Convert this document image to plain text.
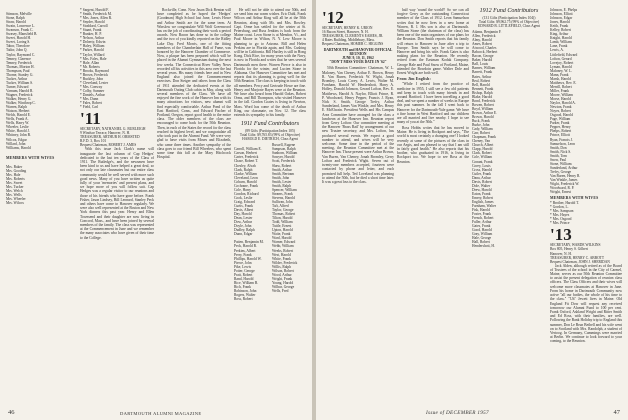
Stimson, Melville
Stone, Ralph
Straw, Harold
Swain, Lawrence L.
Swanson, Frank C.
Swasey, Mansfield B.
Sweet, Harold H.
Sweet, Loring S.
Tabor, Theodore
Tailor, John Q.
Taylor, Raymond C.
Tenney, Clarence
Tenney, Frederick
Thomas, Morton H.
Thompson, Paul
Thorne, Stanley G.
Tucker, Arthur
Tucker, William S.
Turner, Edward
Varnum, Harold R.
Wagner, Frederick
Walker, Henry G.
Walker, Winthrop C.
Warren, Ralph
Watson, Herbert
Welch, Harold E.
Wells, Frank A.
Wells, Harry W.
Wheeler, Leslie
White, Harold J.
Whitney, John B.
Wilcox, Edgar
Willard, John
Williams, Harold

MEMBERS WITH WIVES

Mrs. Baker
Mrs. Gooding
Mrs. Hale
Mrs. Roberts
Mrs. Sweet
Mrs. Tucker
Mrs. Welch
Mrs. Wells
Mrs. Wheeler
Mrs. Wilcox

* Sargent, Harold F.
* Smith, Frederick M.
* Mrs. Jones, Allen R.
* Snyder, Harold
* Stoddard, Carroll
* Stuart, Frank
* Bunker, H. P.
* Nelson, Arthur
* Doherty, Edwin
* Haley, William
* Parker, Harold
* Taylor, Willard
* Mrs. Fales, Hale
* Hale, Allan
* Mr. Roberts
* Brooks, Raymond
* Brown, Frederick
* Buckley, John
* Cleveland, Lester
* Mrs. Conway
* Colby, Sumner
* Daniels, Arthur
* Mrs. Dunn
* Fales, Robert
* Field, Carl
'11
SECRETARY, NATHANIEL G. BURLEIGH
9 Windsor Terrace, Hanover, N. H.
TREASURER, ARTHUR H. ORMSTED
R.F.D. 3, Box 101
Bequest Chairman, ROBERT J. AMES

With this issue Jack Clark's name will inaugurate the last column of Cap Hedges' dedicated to the last ten years of the Class of 1911. The Rutledge's, and the newsmen have been kind to us and have helped a great deal, so not only our late classmates but our entire class community would be well served with more such good news. Many of you have written us quite fully of your 'memories' and present plans, and we hope more of you will follow suit. Cap Hedges was a regular visitor to our reunions and those of his friends who have gone before. Frank Fisher, Jason Lindsey, Bill Leonard, Stanley Peck and others have come to Hanover regularly. We were also well represented at the Boston and New York dinners this past year. Henry and Ellen Townsend and their daughter are now living in Concord, Mass., and have been joined by several members of the family. The class was represented at the Commencement in June and we remember the many associates who have given of their time to the College.

Rockville, Conn. Now Jason Dick Benton will have completed as he hoped the 'Hedges' (Goodman) High School last June, Lewis Howe and Arthur Smith are for the same term. At Winslow we congratulate Will Wolf Greenwood has on the job of coordinating their work a period awards. Now Bacon has done so in the college and the two of you kindly reported on the Ridley Lake Day. Fred Morris, one of the fitting members of the Chamberlain Hall of Fame, was honored by the Hanover Chamber of Commerce. Now, a plaque has been prepared which will be placed in the Alumni Gymnasium during the next few weeks. The Connecticut River Valley News recorded all his activities in this area over the last several years. His many friends here and in New England also joined the Commencement exercises. Don Steiger and others from the Class of 1911 attended the dedicated events at the Dartmouth Outing Club cabin in May, along with several members of the Class. We have all enjoyed the fine work of the Hanover Inn with its many attractions for visitors, new alumni will find especially comfortable. Arthur Pond of the East Hartford, Conn., and Edward Fischer of Portland, Oregon, report good health to the entire class. The older members of the class are encouraged to come back for the 50th Reunion. Then, in each of the States the record for the class reached its highest level, and we congratulate all who took part in the Alumni Fund. We were very glad to have visits from Moses and Elizabeth, who came three times. Another sympathy of the class goes to our friend Bill Wheelers, who spent some time this fall at the Mary Hitchcock Hospital.

He will not be able to attend our 50th, and we send him our warm wishes. Eric Dahl, Frank Wilcox and Arthur King will all be at the 50th Reunion, along with Mr. and Mrs. Rowley. Capt. Orme has settled for the winter at St. Petersburg, and Russ Jenkins is back from the Maine coast. Leon Stone is at Mendon, Vt., and Paul Moore in Wilton, N. Y. Lew Moore is planning to go to Arizona. Bill and Helen Perkins are in Florida again, and Mrs. Cushing will be in California. Bill Hartley is still in Hong Kong. Dick Rice, for many years with the Navy, is now in Florida and writes that he sees several Dartmouth men there. Warren Pierce is also in Florida for the winter, and Lucien Stone in Alabama. Our Hanover Committee has met and reports that its planning is going well for the 50th Reunion. The class is keeping in touch with all members. Percy and Gertrude Howe are fine. Henry and Marjorie Bayes were at the Reunion. We have also heard from Harold Oakes, Robert Orms, and Bill Thompson, who visited Hanover in the fall. Gordon Coates is living in Newton, Mass. Word has come of the death of Arthur King, our classmate, on Nov. 12. The class extends its sympathy to his family.

1911 Fund Contributors
(89 Gifts (Participation Index 105)
Total Gifts: $9,765.83 (99% of Objective)
HAROLD E. DIETRICH, Class Agent

Carroll, William E.
Carson, Herbert
Carter, Frederick
Chase, Robert T.
Chesley, Alvah
Clark, Ralph
Clarke, William
Cleveland, Leon
Coburn, Harold
Cochrane, Frank
Cole, Harry
Condon, Richard
Cook, Leslie
Craig, Edward
Curtis, Frank
Davis, Albert
Day, Harold
Dean, Lester
Dow, Arthur
Doyle, John
Dudley, Ralph
Dunn, Edgar

Patten, Benjamin M.
Peck, Harold B.
Perkins, Albert
Perry, Frank
Phillips, Harold W.
Pierce, John
Pike, Lewis
Potter, George
Pratt, Robert
Rand, Harold
Rice, William B.
Rich, Frank
Robinson, John
Rogers, Walter
Ross, Robert
Russell, Eugene
Sampson, Ralph
Sanborn, William
Sawyer, Harold
Scott, Frederick
Shaw, Robert
Smith, Arthur
Smith, Bertram
Smith, John
Smith, Lester
Smith, Ralph
Spencer, William
Stearns, Frank
Stevens, Harold
Sullivan, John
Taft, Alfred
Taylor, George
Thomas, Robert
Tilton, Harold
Todd, William
Tuttle, Ernest
Upton, Harold
Waite, Frank
Ward, Harold
Warner, Edward
Webb, William
Weeks, Robert
West, Harold
White, Frank
Wilder, Frederick
Willis, Ralph
Wilson, Robert
Wood, Arthur
Wright, Frank
Young, Harold
Wilbur, George
Wells, Fred

46	DARTMOUTH ALUMNI MAGAZINE
'12
SECRETARY, HENRY K. URION
16 Bacon Street, Hanover, N. H.
TREASURER, CLEMENTS EAMES, JR.
4 Bates Building, Middlebury, Mass.
Bequest Chairman, HOMER C. HIGGINS
DARTMOUTH and HANOVER OFFICIAL REUNION
JUNE 9, 10, 11, 1962
"DON'T MISS YOUR DATE IN '62"

50th Reunion Committee: Chairman, W. L. Maloney, Van Cheney, Arthur E. Brown, Henry R. Van Buren, Frederick W. Wight, Jonah Bromley, Louis Corey, A. Lewis, Walter M. Farnham, Harold W. Hendershott, Harry A. Holley, Donald Johnson, Gerard Lofton, Rev. E. Matthews, Harold A. Naylor, Elliott Prince, R. P. Woodward, Henry Pepper, Francis J. Ryan, Nick S. Smith, George Trefry, Arthur Sunderland, James Van Winkle, and Mrs. Henry E. McElwain. President Wells and His Campus Area Committee have arranged for the class a luncheon at the Hanover Inn. Reunion report from Gerry Lofton: Our committee meeting at the Hanover 'Brass Rail' by arrangement of our new Trustee secretary, and Mrs. Lofton, has produced several events. We expect a good number to attend, and wives will be very welcome. Some time in the period of the meeting, the Reunion Committee met at the Hanover Inn. Those present were Arthur Brown, Van Buren, Van Cheney, Jonah Bromley, Gerry Lofton and Frederick Wight. Seven out of twenty-one members accepted, fourteen were contacted by phone and letter, and each promised full help. Ted Loveland was planning to attend the 50th, but he died a short time later. It was a great loss to the class.

half way 'round the world!! So we can all forgive Gerry as the outstanding Connecticut member of the Class of 1912. Leon Samuelson writes that he now lives in a new home at Warren, R. I. His son is also at Dartmouth. William Stone (the chairman of the class) has been one of the main organizers of our plans for the Reunion. Don Smith reports that his family will return to Hanover in June after a trip to Europe. Tom Smith says he will come to Hanover and bring his wife. Frank Gates is also making plans for the Reunion. He recently retired from the Eastman Kodak Company. George Hale and Paul Snow of Portland, Maine, attended the Bowdoin game. Walter Dole and Ernest Wright are both well.

From Jim English:

"While I retired from the practice of medicine in 1955, I still see a few old patients and keep in touch with many friends in and around Hartford. I have been travelling a good deal, and we spent a number of weeks in Europe this past summer. In the fall I went back to Hanover for the Dartmouth-Yale game. We have a fine home in West Hartford and our children are all married and live nearby. I hope to see many of you at the 50th."

Ross Hobbs writes that he has moved to Maine. He is living in Rockport and says, "The world is most certainly a changing one! I looked recently at some of the pictures of the class in our Aegis, and am pleased to say that I am still in fairly good health." He also reports that his brother, who graduated in 1916, is living in Rockport too. We hope to see Ross at the Reunion.

1912 Fund Contributors
(131 Gifts (Participation Index 104))
Total Gifts: $9,962.75 (99% of Objective)
EDWARD B. LITTLEFIELD, Class Agent
Adams, Benjamin F.
Allen, Frederick
Almy, Harold
Ames, Robert
Atwood, Charles
Babcock, Herbert
Bacon, George
Baker, Harold
Ball, Louis
Barnes, William
Barrett, Frank
Bates, Arthur
Beal, Robert
Bell, Harold
Bennett, Frank
Bishop, Ralph
Blake, Harold
Bond, Frederick
Bowen, Robert
Boyd, William
Brown, Arthur E.
Brown, Harold
Buck, Frank
Burke, John
Cady, William
Carr, Robert
Chapman, Frank
Cheney, Van
Church, Albert
Clapp, Harold
Clark, Robert
Cole, William
Conant, Frank
Corey, Louis
Cross, Harold
Cutler, Frank
Dana, Arthur
Davis, Robert
Dole, Walter
Drew, Harold
Eaton, Frank
Emery, Robert
English, James
Farnham, Walter
Fisk, Harold
Foster, Frank
French, Robert
Fuller, Arthur
Gates, Frank
Good, Harold
Gray, William
Hale, George
Hall, Robert
Hendershott, H.
Johnson, E. Phelps
Johnson, Elliott
Johnson, Edgar
Jones, Harold
Keith, Frank
Kelley, Robert
King, Arthur
Knight, Harold
Lamb, William
Lane, Frank
Lewis, A.
Littlefield, Edward
Lofton, Gerard
Lovejoy, Robert
Lyman, Harold
Maloney, W. L.
Mann, Frank
Marsh, Harold
Matthews, Rev. E.
Merrill, Robert
Miller, Frank
Moore, William
Morse, Harold
Naylor, Harold A.
Newton, Frank
Noyes, Robert
Osgood, Harold
Page, William
Parker, Frank
Pepper, Henry
Phelps, Robert
Prince, Elliott
Ryan, Francis J.
Samuelson, Leon
Smith, Don
Smith, Nick S.
Smith, Tom
Snow, Paul
Stone, William
Sunderland, Arthur
Trefry, George
Van Buren, Henry R.
Van Winkle, James
Wight, Frederick W.
Woodward, R. P.
Wright, Ernest
MEMBERS WITH WIVES
* Brother, Harold T.
* Gordon, L.
* Mrs. Sampson
* Mrs. Hayes
* Mrs. Osgood
* Mrs. Prince
'13
SECRETARY, WARDE WILKINS
Box 805, Henry S. Gilbert
Hanover, N. H.
TREASURER, HENRY C. ABBOTT
Bequest Chairman, JOHN J. SHERIDAN

Jack Alden, although retired as of the Board of Trustees of the school in the City of Carmel, Maine, serves as our 50th Reunion Committee to assist the present delegation of reunion class officers. The Class Officers and their wives will welcome more classmates at Hanover in June. From his home in Dartmouth Community now active "all our bodies, the whole of his time to the class." "Uh" Jewett lives in Maine. Old England Fit Dow will request any received tomorrow our Alumni Fund to 100 per cent. Frank Oxford, Ashland Wright and Ritter Smith and Ed Ross, with their families, are well. Following the Bank Holiday trip to England this summer, Don Le Brun Bethell and his wife went on to Scotland with Mrs. Randolph, a student of Vertoog. In Germany, Cummings were married at Berlin. We continue to look forward to your coming, to the Reunion.

Issue of DECEMBER 1957	47
